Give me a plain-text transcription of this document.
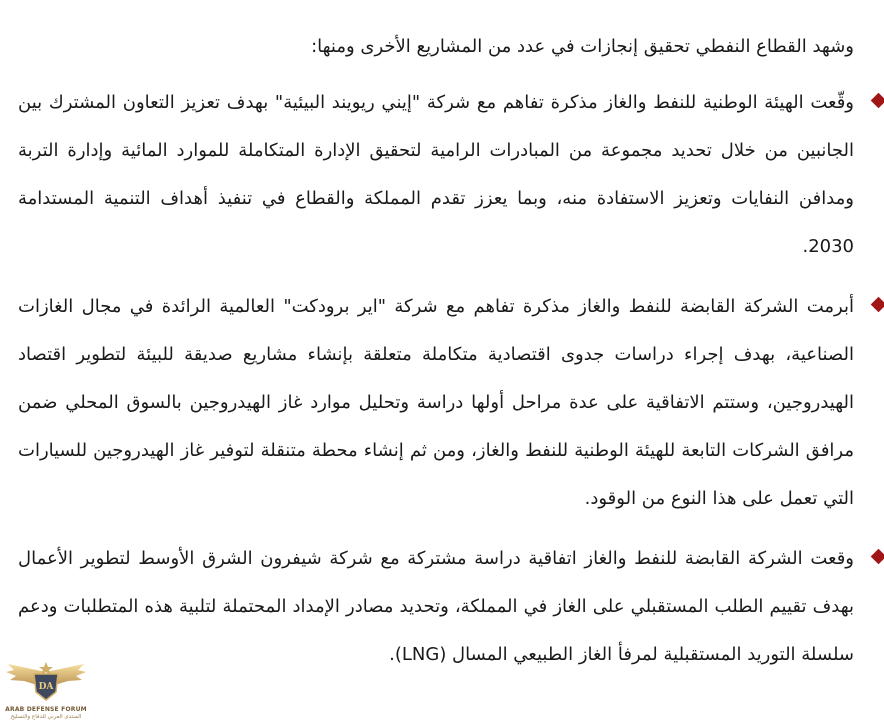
وشهد القطاع النفطي تحقيق إنجازات في عدد من المشاريع الأخرى ومنها:

وقّعت الهيئة الوطنية للنفط والغاز مذكرة تفاهم مع شركة "إيني ريويند البيئية" بهدف تعزيز التعاون المشترك بين الجانبين من خلال تحديد مجموعة من المبادرات الرامية لتحقيق الإدارة المتكاملة للموارد المائية وإدارة التربة ومدافن النفايات وتعزيز الاستفادة منه، وبما يعزز تقدم المملكة والقطاع في تنفيذ أهداف التنمية المستدامة 2030.

أبرمت الشركة القابضة للنفط والغاز مذكرة تفاهم مع شركة "اير برودكت" العالمية الرائدة في مجال الغازات الصناعية، بهدف إجراء دراسات جدوى اقتصادية متكاملة متعلقة بإنشاء مشاريع صديقة للبيئة لتطوير اقتصاد الهيدروجين، وستتم الاتفاقية على عدة مراحل أولها دراسة وتحليل موارد غاز الهيدروجين بالسوق المحلي ضمن مرافق الشركات التابعة للهيئة الوطنية للنفط والغاز، ومن ثم إنشاء محطة متنقلة لتوفير غاز الهيدروجين للسيارات التي تعمل على هذا النوع من الوقود.

وقعت الشركة القابضة للنفط والغاز اتفاقية دراسة مشتركة مع شركة شيفرون الشرق الأوسط لتطوير الأعمال بهدف تقييم الطلب المستقبلي على الغاز في المملكة، وتحديد مصادر الإمداد المحتملة لتلبية هذه المتطلبات ودعم سلسلة التوريد المستقبلية لمرفأ الغاز الطبيعي المسال (LNG).

DA
ARAB DEFENSE FORUM
المنتدى العربي للدفاع والتسليح
